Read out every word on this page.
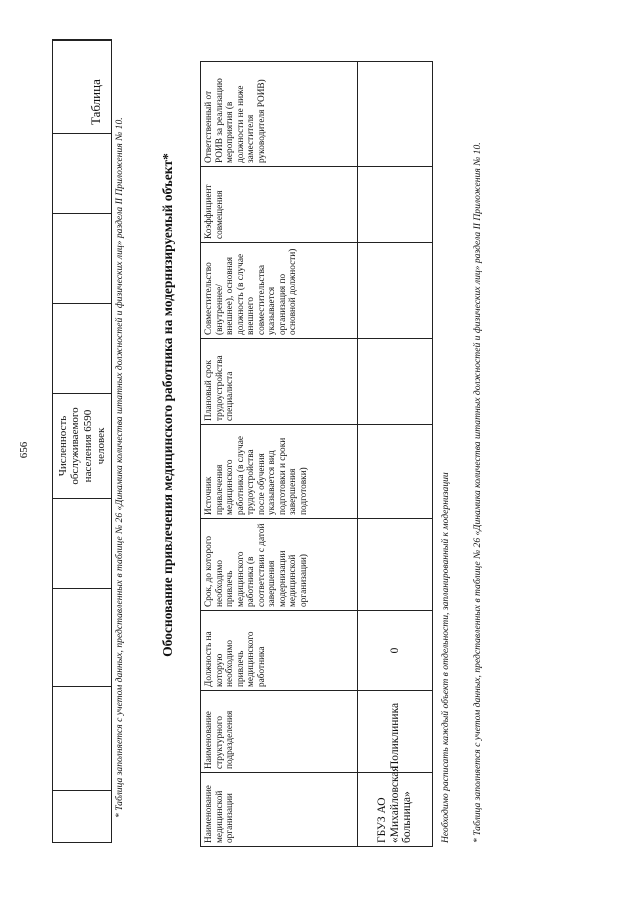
656
				Численность обслуживаемого населения 6590 человек				* Таблица заполняется с учетом данных, представленных в таблице № 26 «Динамика количества штатных должностей и физических лиц» раздела II Приложения № 10.
Таблица
Обоснование привлечения медицинского работника на модернизируемый объект*
Наименование медицинской организации	Наименование структурного подразделения	Должность на которую необходимо привлечь медицинского работника	Срок, до которого необходимо привлечь медицинского работника (в соответствии с датой завершения модернизации медицинской организации)	Источник привлечения медицинского работника (в случае трудоустройства после обучения указывается вид подготовки и сроки завершения подготовки)	Плановый срок трудоустройства специалиста	Совместительство (внутреннее/внешнее), основная должность (в случае внешнего совместительства указывается организация по основной должности)	Коэффициент совмещения	Ответственный от РОИВ за реализацию мероприятия (в должности не ниже заместителя руководителя РОИВ)
ГБУЗ АО «Михайловская больница»	Поликлиника	0							Необходимо расписать каждый объект в отдельности, запланированный к модернизации * Таблица заполняется с учетом данных, представленных в таблице № 26 «Динамика количества штатных должностей и физических лиц» раздела II Приложения № 10.
